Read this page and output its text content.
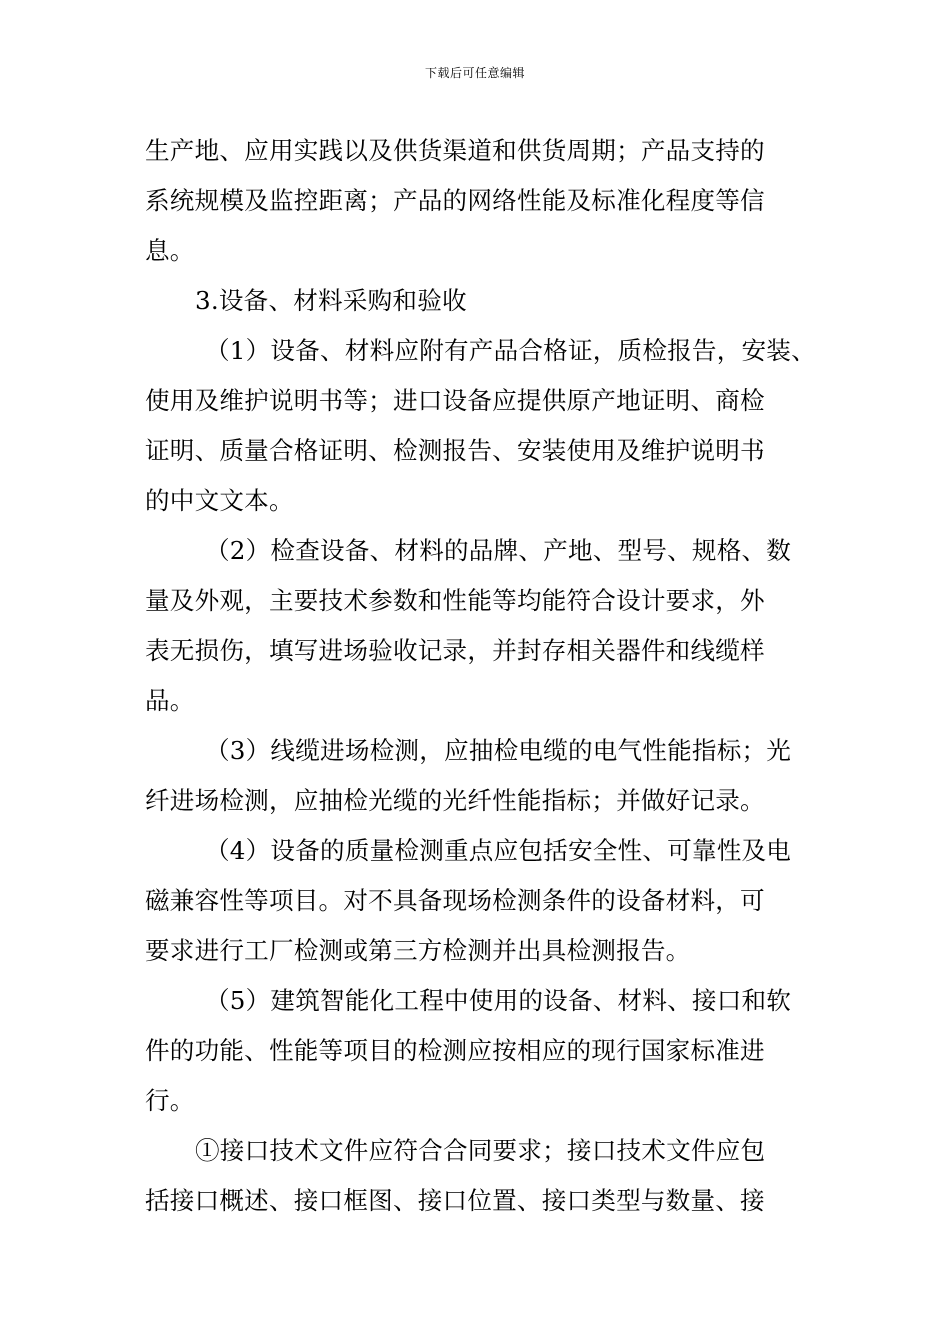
下载后可任意编辑
生产地、应用实践以及供货渠道和供货周期；产品支持的
系统规模及监控距离；产品的网络性能及标准化程度等信
息。
3.设备、材料采购和验收
（1）设备、材料应附有产品合格证，质检报告，安装、
使用及维护说明书等；进口设备应提供原产地证明、商检
证明、质量合格证明、检测报告、安装使用及维护说明书
的中文文本。
（2）检查设备、材料的品牌、产地、型号、规格、数
量及外观，主要技术参数和性能等均能符合设计要求，外
表无损伤，填写进场验收记录，并封存相关器件和线缆样
品。
（3）线缆进场检测，应抽检电缆的电气性能指标；光
纤进场检测，应抽检光缆的光纤性能指标；并做好记录。
（4）设备的质量检测重点应包括安全性、可靠性及电
磁兼容性等项目。对不具备现场检测条件的设备材料，可
要求进行工厂检测或第三方检测并出具检测报告。
（5）建筑智能化工程中使用的设备、材料、接口和软
件的功能、性能等项目的检测应按相应的现行国家标准进
行。
①接口技术文件应符合合同要求；接口技术文件应包
括接口概述、接口框图、接口位置、接口类型与数量、接
